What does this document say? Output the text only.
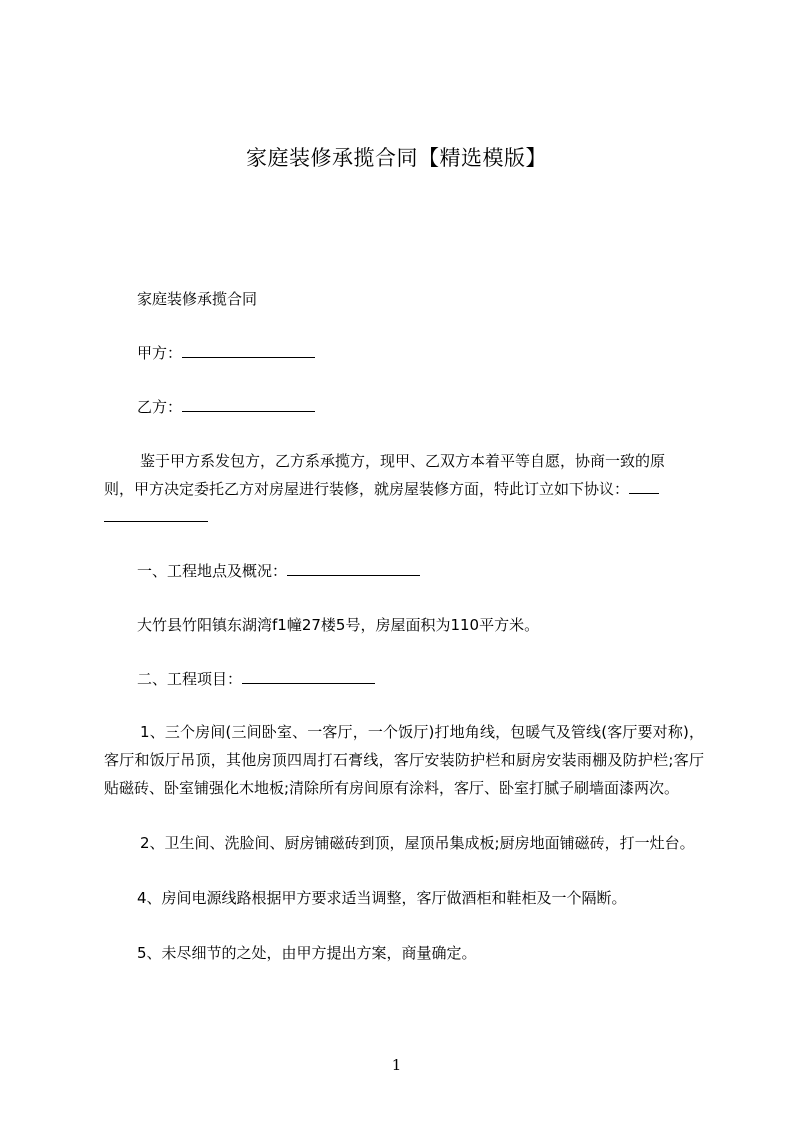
家庭装修承揽合同【精选模版】

家庭装修承揽合同

甲方：

乙方：

鉴于甲方系发包方，乙方系承揽方，现甲、乙双方本着平等自愿，协商一致的原

则，甲方决定委托乙方对房屋进行装修，就房屋装修方面，特此订立如下协议：

一、工程地点及概况：

大竹县竹阳镇东湖湾f1幢27楼5号，房屋面积为110平方米。

二、工程项目：

1、三个房间(三间卧室、一客厅，一个饭厅)打地角线，包暖气及管线(客厅要对称)，客厅和饭厅吊顶，其他房顶四周打石膏线，客厅安装防护栏和厨房安装雨棚及防护栏;客厅贴磁砖、卧室铺强化木地板;清除所有房间原有涂料，客厅、卧室打腻子刷墙面漆两次。

2、卫生间、洗脸间、厨房铺磁砖到顶，屋顶吊集成板;厨房地面铺磁砖，打一灶台。

4、房间电源线路根据甲方要求适当调整，客厅做酒柜和鞋柜及一个隔断。

5、未尽细节的之处，由甲方提出方案，商量确定。

1
